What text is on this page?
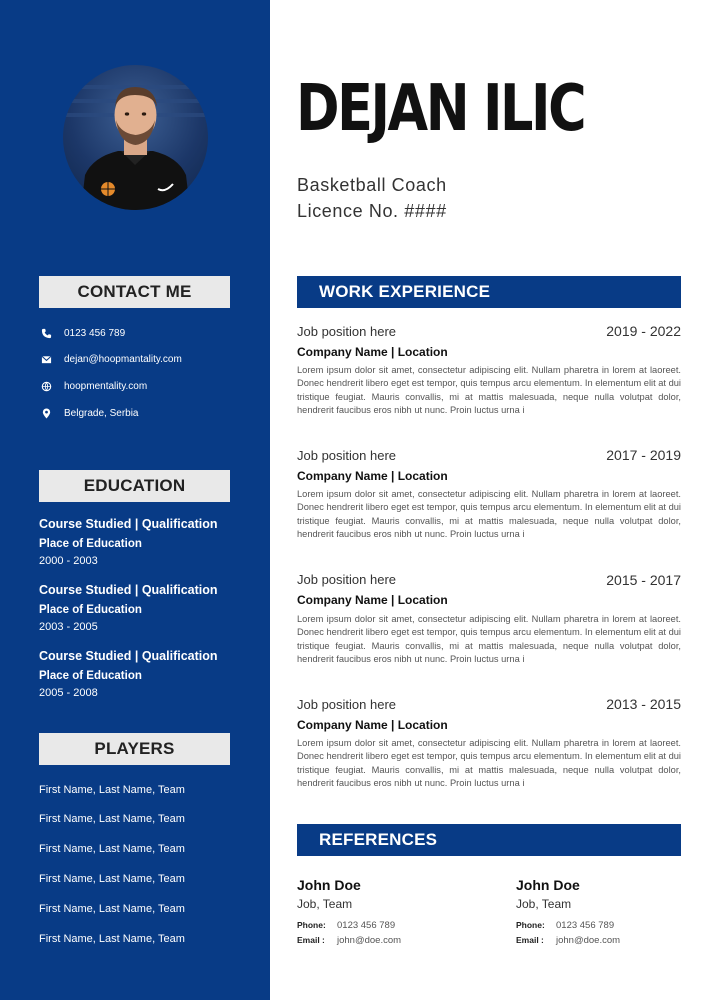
CONTACT ME
0123 456 789
dejan@hoopmantality.com
hoopmentality.com
Belgrade, Serbia
EDUCATION
Course Studied | Qualification
Place of Education
2000 - 2003
Course Studied | Qualification
Place of Education
2003 - 2005
Course Studied | Qualification
Place of Education
2005 - 2008
PLAYERS
First Name, Last Name, Team
First Name, Last Name, Team
First Name, Last Name, Team
First Name, Last Name, Team
First Name, Last Name, Team
First Name, Last Name, Team
DEJAN ILIC
Basketball Coach
Licence No. ####
WORK EXPERIENCE
Job position here	2019 - 2022
Company Name | Location
Lorem ipsum dolor sit amet, consectetur adipiscing elit. Nullam pharetra in lorem at laoreet. Donec hendrerit libero eget est tempor, quis tempus arcu elementum. In elementum elit at dui tristique feugiat. Mauris convallis, mi at mattis malesuada, neque nulla volutpat dolor, hendrerit faucibus eros nibh ut nunc. Proin luctus urna i
Job position here	2017 - 2019
Company Name | Location
Lorem ipsum dolor sit amet, consectetur adipiscing elit. Nullam pharetra in lorem at laoreet. Donec hendrerit libero eget est tempor, quis tempus arcu elementum. In elementum elit at dui tristique feugiat. Mauris convallis, mi at mattis malesuada, neque nulla volutpat dolor, hendrerit faucibus eros nibh ut nunc. Proin luctus urna i
Job position here	2015 - 2017
Company Name | Location
Lorem ipsum dolor sit amet, consectetur adipiscing elit. Nullam pharetra in lorem at laoreet. Donec hendrerit libero eget est tempor, quis tempus arcu elementum. In elementum elit at dui tristique feugiat. Mauris convallis, mi at mattis malesuada, neque nulla volutpat dolor, hendrerit faucibus eros nibh ut nunc. Proin luctus urna i
Job position here	2013 - 2015
Company Name | Location
Lorem ipsum dolor sit amet, consectetur adipiscing elit. Nullam pharetra in lorem at laoreet. Donec hendrerit libero eget est tempor, quis tempus arcu elementum. In elementum elit at dui tristique feugiat. Mauris convallis, mi at mattis malesuada, neque nulla volutpat dolor, hendrerit faucibus eros nibh ut nunc. Proin luctus urna i
REFERENCES
John Doe
Job, Team
Phone: 0123 456 789
Email : john@doe.com
John Doe
Job, Team
Phone: 0123 456 789
Email : john@doe.com
